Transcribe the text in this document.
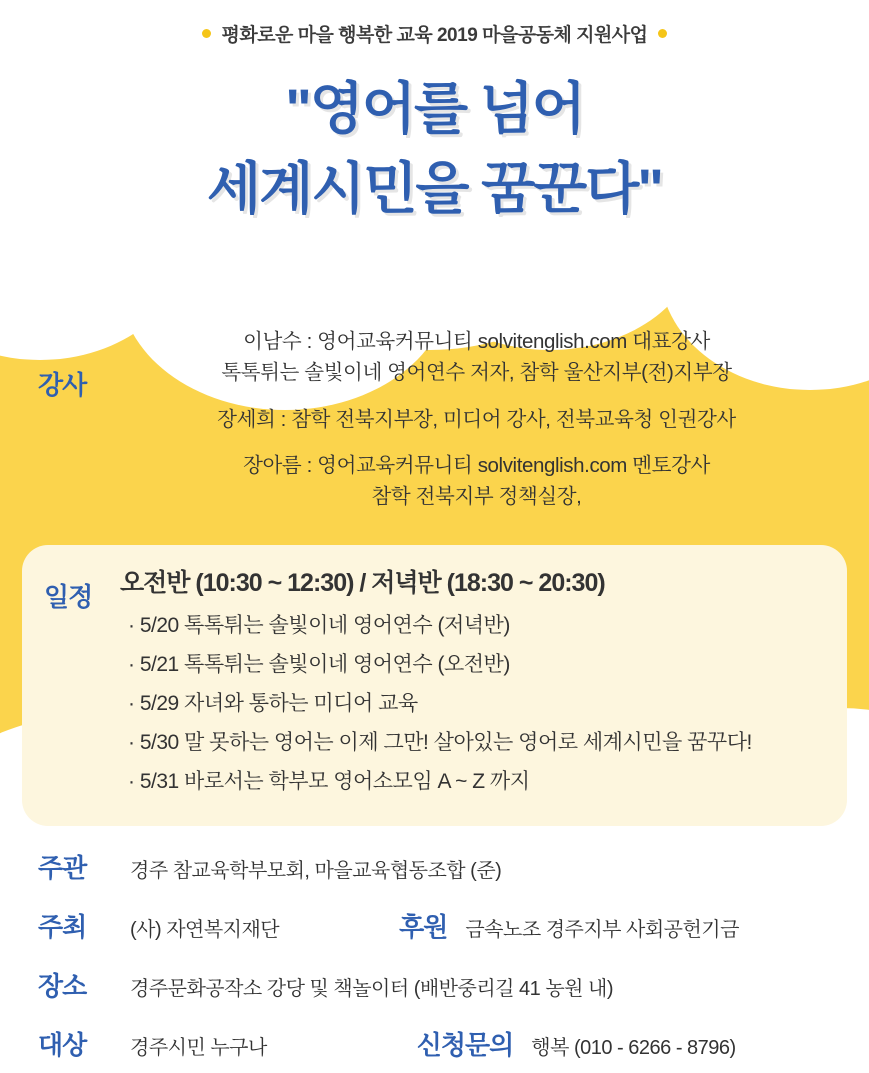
평화로운 마을 행복한 교육 2019 마을공동체 지원사업
"영어를 넘어
세계시민을 꿈꾼다"
강사
이남수 : 영어교육커뮤니티 solvitenglish.com 대표강사
톡톡튀는 솔빛이네 영어연수 저자, 참학 울산지부(전)지부장
장세희 : 참학 전북지부장, 미디어 강사, 전북교육청 인권강사
장아름 : 영어교육커뮤니티 solvitenglish.com 멘토강사
참학 전북지부 정책실장,
일정	오전반 (10:30 ~ 12:30) / 저녁반 (18:30 ~ 20:30)
· 5/20 톡톡튀는 솔빛이네 영어연수 (저녁반)
· 5/21 톡톡튀는 솔빛이네 영어연수 (오전반)
· 5/29 자녀와 통하는 미디어 교육
· 5/30 말 못하는 영어는 이제 그만! 살아있는 영어로 세계시민을 꿈꾸다!
· 5/31 바로서는 학부모 영어소모임 A ~ Z 까지
주관	경주 참교육학부모회, 마을교육협동조합 (준)
주최	(사) 자연복지재단	후원 금속노조 경주지부 사회공헌기금
장소	경주문화공작소 강당 및 책놀이터 (배반중리길 41 농원 내)
대상	경주시민 누구나	신청문의 행복 (010 - 6266 - 8796)
